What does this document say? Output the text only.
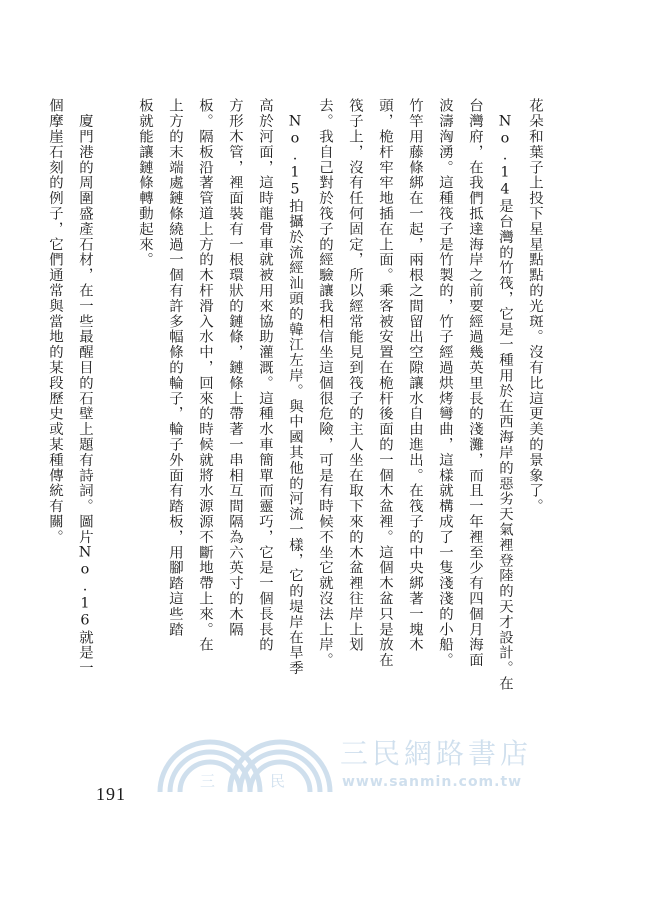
花朵和葉子上投下星星點點的光斑。沒有比這更美的景象了。
　No.14是台灣的竹筏，它是一種用於在西海岸的惡劣天氣裡登陸的天才設計。在
台灣府，在我們抵達海岸之前要經過幾英里長的淺灘，而且一年裡至少有四個月海面
波濤洶湧。這種筏子是竹製的，竹子經過烘烤彎曲，這樣就構成了一隻淺淺的小船。
竹竿用藤條綁在一起，兩根之間留出空隙讓水自由進出。在筏子的中央綁著一塊木
頭，桅杆牢牢地插在上面。乘客被安置在桅杆後面的一個木盆裡。這個木盆只是放在
筏子上，沒有任何固定，所以經常能見到筏子的主人坐在取下來的木盆裡往岸上划
去。我自己對於筏子的經驗讓我相信坐這個很危險，可是有時候不坐它就沒法上岸。
　No.15拍攝於流經汕頭的韓江左岸。與中國其他的河流一樣，它的堤岸在旱季
高於河面，這時龍骨車就被用來協助灌溉。這種水車簡單而靈巧，它是一個長長的
方形木管，裡面裝有一根環狀的鏈條，鏈條上帶著一串相互間隔為六英寸的木隔
板。隔板沿著管道上方的木杆滑入水中，回來的時候就將水源源不斷地帶上來。在
上方的末端處鏈條繞過一個有許多幅條的輪子，輪子外面有踏板，用腳踏這些踏
板就能讓鏈條轉動起來。
　廈門港的周圍盛產石材，在一些最醒目的石壁上題有詩詞。圖片No.16就是一
個摩崖石刻的例子，它們通常與當地的某段歷史或某種傳統有關。
三	民
三民網路書店
www.sanmin.com.tw
191
